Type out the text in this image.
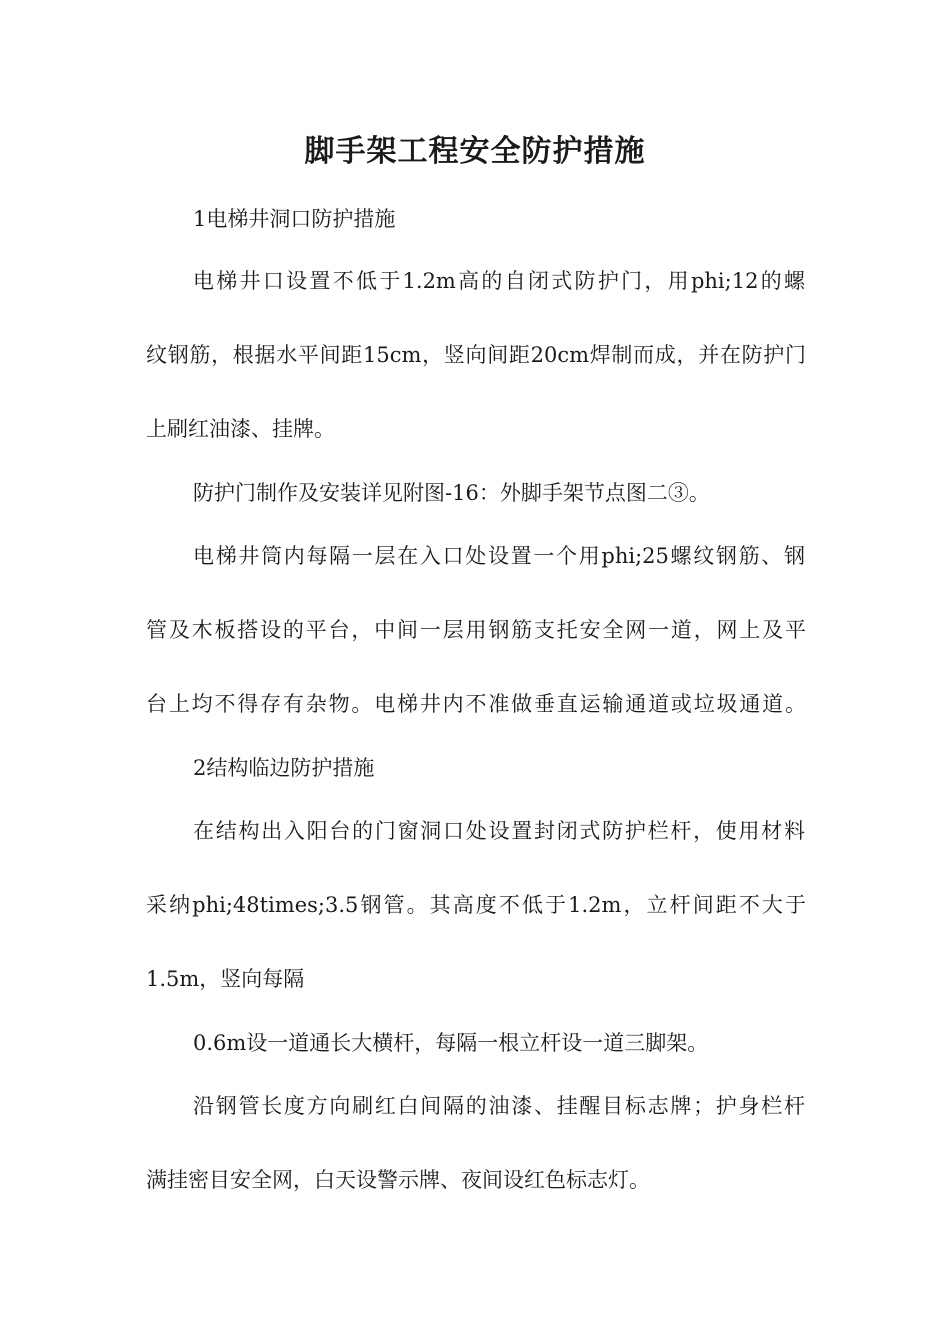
脚手架工程安全防护措施

1电梯井洞口防护措施

电梯井口设置不低于1.2m高的自闭式防护门，用phi;12的螺

纹钢筋，根据水平间距15cm，竖向间距20cm焊制而成，并在防护门

上刷红油漆、挂牌。

防护门制作及安装详见附图-16：外脚手架节点图二③。

电梯井筒内每隔一层在入口处设置一个用phi;25螺纹钢筋、钢

管及木板搭设的平台，中间一层用钢筋支托安全网一道，网上及平

台上均不得存有杂物。电梯井内不准做垂直运输通道或垃圾通道。

2结构临边防护措施

在结构出入阳台的门窗洞口处设置封闭式防护栏杆，使用材料

采纳phi;48times;3.5钢管。其高度不低于1.2m，立杆间距不大于

1.5m，竖向每隔

0.6m设一道通长大横杆，每隔一根立杆设一道三脚架。

沿钢管长度方向刷红白间隔的油漆、挂醒目标志牌；护身栏杆

满挂密目安全网，白天设警示牌、夜间设红色标志灯。
